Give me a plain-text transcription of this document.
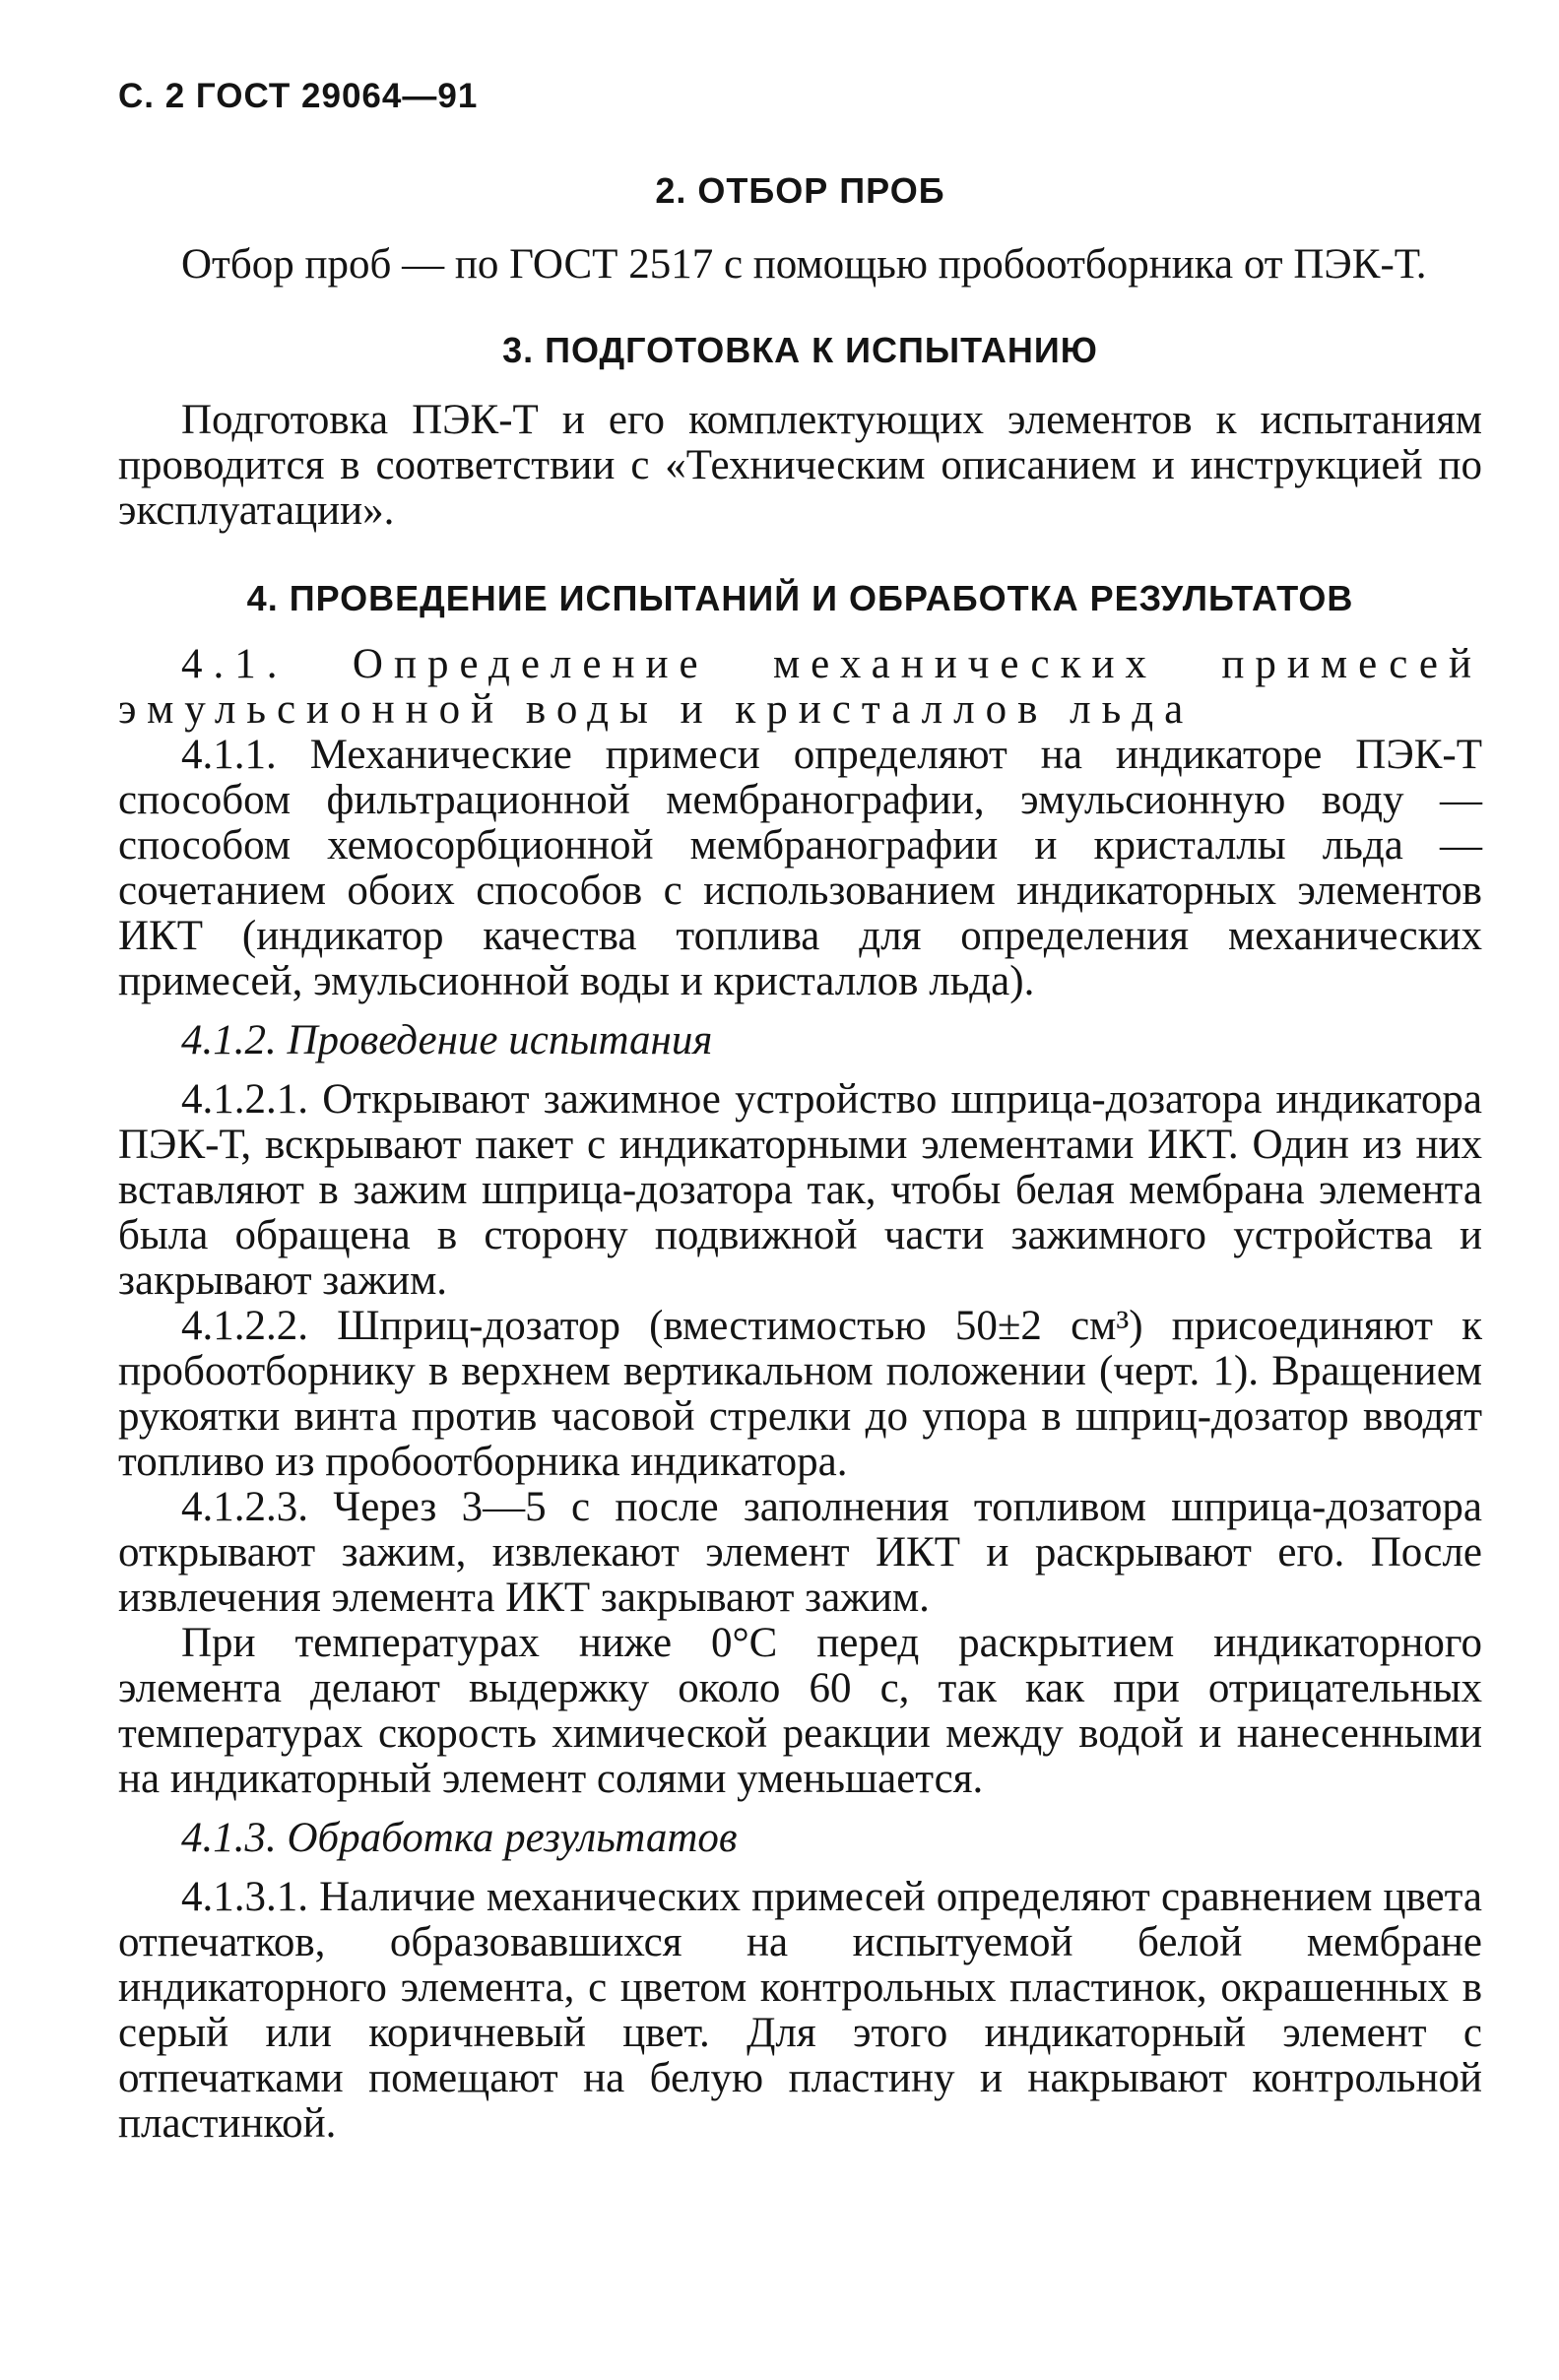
С. 2 ГОСТ 29064—91
2. ОТБОР ПРОБ

Отбор проб — по ГОСТ 2517 с помощью пробоотборника от ПЭК-Т.

3. ПОДГОТОВКА К ИСПЫТАНИЮ

Подготовка ПЭК-Т и его комплектующих элементов к испытаниям проводится в соответствии с «Техническим описанием и инструкцией по эксплуатации».

4. ПРОВЕДЕНИЕ ИСПЫТАНИЙ И ОБРАБОТКА РЕЗУЛЬТАТОВ

4.1. Определение механических примесей эмульсионной воды и кристаллов льда

4.1.1. Механические примеси определяют на индикаторе ПЭК-Т способом фильтрационной мембранографии, эмульсионную воду — способом хемосорбционной мембранографии и кристаллы льда — сочетанием обоих способов с использованием индикаторных элементов ИКТ (индикатор качества топлива для определения механических примесей, эмульсионной воды и кристаллов льда).

4.1.2. Проведение испытания

4.1.2.1. Открывают зажимное устройство шприца-дозатора индикатора ПЭК-Т, вскрывают пакет с индикаторными элементами ИКТ. Один из них вставляют в зажим шприца-дозатора так, чтобы белая мембрана элемента была обращена в сторону подвижной части зажимного устройства и закрывают зажим.

4.1.2.2. Шприц-дозатор (вместимостью 50±2 см³) присоединяют к пробоотборнику в верхнем вертикальном положении (черт. 1). Вращением рукоятки винта против часовой стрелки до упора в шприц-дозатор вводят топливо из пробоотборника индикатора.

4.1.2.3. Через 3—5 с после заполнения топливом шприца-дозатора открывают зажим, извлекают элемент ИКТ и раскрывают его. После извлечения элемента ИКТ закрывают зажим.

При температурах ниже 0°С перед раскрытием индикаторного элемента делают выдержку около 60 с, так как при отрицательных температурах скорость химической реакции между водой и нанесенными на индикаторный элемент солями уменьшается.

4.1.3. Обработка результатов

4.1.3.1. Наличие механических примесей определяют сравнением цвета отпечатков, образовавшихся на испытуемой белой мембране индикаторного элемента, с цветом контрольных пластинок, окрашенных в серый или коричневый цвет. Для этого индикаторный элемент с отпечатками помещают на белую пластину и накрывают контрольной пластинкой.
